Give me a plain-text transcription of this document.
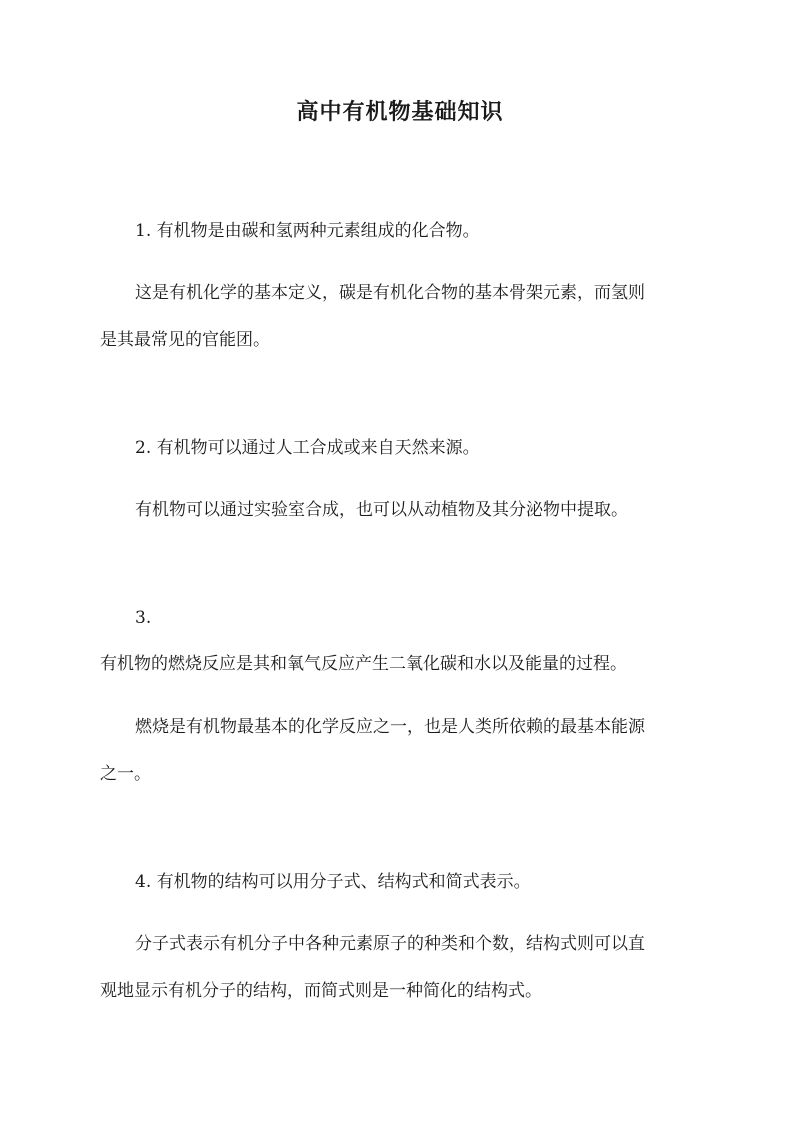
高中有机物基础知识
1. 有机物是由碳和氢两种元素组成的化合物。
这是有机化学的基本定义，碳是有机化合物的基本骨架元素，而氢则
是其最常见的官能团。
2. 有机物可以通过人工合成或来自天然来源。
有机物可以通过实验室合成，也可以从动植物及其分泌物中提取。
3.
有机物的燃烧反应是其和氧气反应产生二氧化碳和水以及能量的过程。
燃烧是有机物最基本的化学反应之一，也是人类所依赖的最基本能源
之一。
4. 有机物的结构可以用分子式、结构式和简式表示。
分子式表示有机分子中各种元素原子的种类和个数，结构式则可以直
观地显示有机分子的结构，而简式则是一种简化的结构式。
